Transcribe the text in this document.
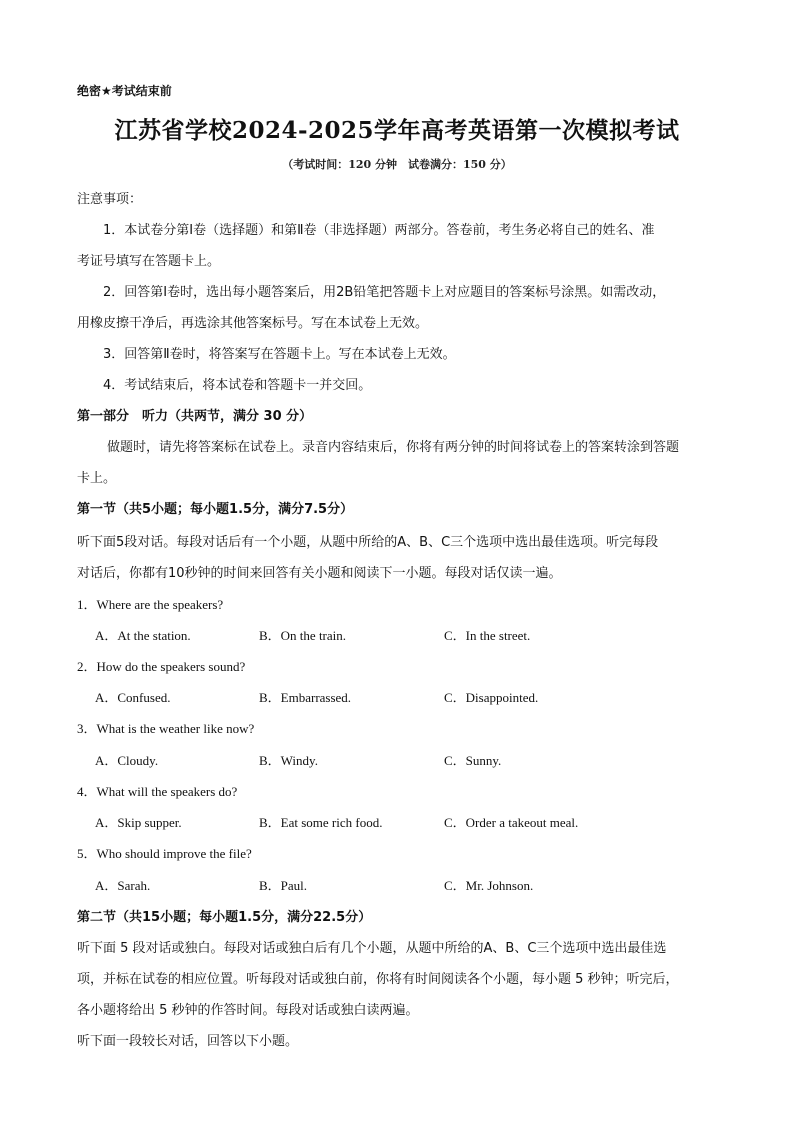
绝密★考试结束前
江苏省学校2024-2025学年高考英语第一次模拟考试
（考试时间：120 分钟　试卷满分：150 分）
注意事项：
1．本试卷分第Ⅰ卷（选择题）和第Ⅱ卷（非选择题）两部分。答卷前，考生务必将自己的姓名、准
考证号填写在答题卡上。
2．回答第Ⅰ卷时，选出每小题答案后，用2B铅笔把答题卡上对应题目的答案标号涂黑。如需改动，
用橡皮擦干净后，再选涂其他答案标号。写在本试卷上无效。
3．回答第Ⅱ卷时，将答案写在答题卡上。写在本试卷上无效。
4．考试结束后，将本试卷和答题卡一并交回。
第一部分　听力（共两节，满分 30 分）
做题时，请先将答案标在试卷上。录音内容结束后，你将有两分钟的时间将试卷上的答案转涂到答题
卡上。
第一节（共5小题；每小题1.5分，满分7.5分）
听下面5段对话。每段对话后有一个小题，从题中所给的A、B、C三个选项中选出最佳选项。听完每段
对话后，你都有10秒钟的时间来回答有关小题和阅读下一小题。每段对话仅读一遍。
1．Where are the speakers?
A．At the station.	B．On the train.	C．In the street.
2．How do the speakers sound?
A．Confused.	B．Embarrassed.	C．Disappointed.
3．What is the weather like now?
A．Cloudy.	B．Windy.	C．Sunny.
4．What will the speakers do?
A．Skip supper.	B．Eat some rich food.	C．Order a takeout meal.
5．Who should improve the file?
A．Sarah.	B．Paul.	C．Mr. Johnson.
第二节（共15小题；每小题1.5分，满分22.5分）
听下面 5 段对话或独白。每段对话或独白后有几个小题，从题中所给的A、B、C三个选项中选出最佳选
项，并标在试卷的相应位置。听每段对话或独白前，你将有时间阅读各个小题，每小题 5 秒钟；听完后，
各小题将给出 5 秒钟的作答时间。每段对话或独白读两遍。
听下面一段较长对话，回答以下小题。
